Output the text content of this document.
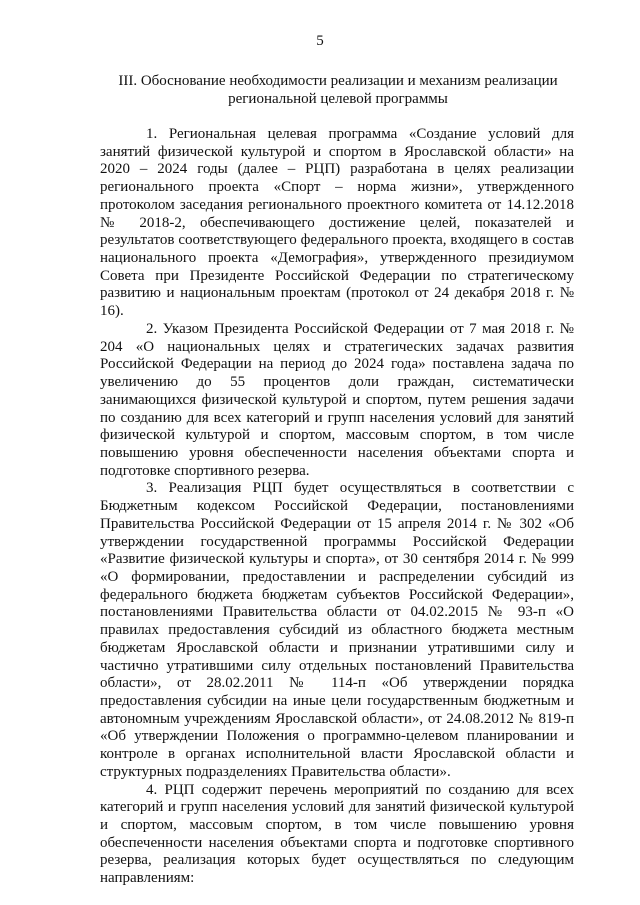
5
III. Обоснование необходимости реализации и механизм реализации региональной целевой программы

1. Региональная целевая программа «Создание условий для занятий физической культурой и спортом в Ярославской области» на 2020 – 2024 годы (далее – РЦП) разработана в целях реализации регионального проекта «Спорт – норма жизни», утвержденного протоколом заседания регионального проектного комитета от 14.12.2018 № 2018-2, обеспечивающего достижение целей, показателей и результатов соответствующего федерального проекта, входящего в состав национального проекта «Демография», утвержденного президиумом Совета при Президенте Российской Федерации по стратегическому развитию и национальным проектам (протокол от 24 декабря 2018 г. № 16).

2. Указом Президента Российской Федерации от 7 мая 2018 г. № 204 «О национальных целях и стратегических задачах развития Российской Федерации на период до 2024 года» поставлена задача по увеличению до 55 процентов доли граждан, систематически занимающихся физической культурой и спортом, путем решения задачи по созданию для всех категорий и групп населения условий для занятий физической культурой и спортом, массовым спортом, в том числе повышению уровня обеспеченности населения объектами спорта и подготовке спортивного резерва.

3. Реализация РЦП будет осуществляться в соответствии с Бюджетным кодексом Российской Федерации, постановлениями Правительства Российской Федерации от 15 апреля 2014 г. № 302 «Об утверждении государственной программы Российской Федерации «Развитие физической культуры и спорта», от 30 сентября 2014 г. № 999 «О формировании, предоставлении и распределении субсидий из федерального бюджета бюджетам субъектов Российской Федерации», постановлениями Правительства области от 04.02.2015 № 93-п «О правилах предоставления субсидий из областного бюджета местным бюджетам Ярославской области и признании утратившими силу и частично утратившими силу отдельных постановлений Правительства области», от 28.02.2011 № 114-п «Об утверждении порядка предоставления субсидии на иные цели государственным бюджетным и автономным учреждениям Ярославской области», от 24.08.2012 № 819-п «Об утверждении Положения о программно-целевом планировании и контроле в органах исполнительной власти Ярославской области и структурных подразделениях Правительства области».

4. РЦП содержит перечень мероприятий по созданию для всех категорий и групп населения условий для занятий физической культурой и спортом, массовым спортом, в том числе повышению уровня обеспеченности населения объектами спорта и подготовке спортивного резерва, реализация которых будет осуществляться по следующим направлениям:
